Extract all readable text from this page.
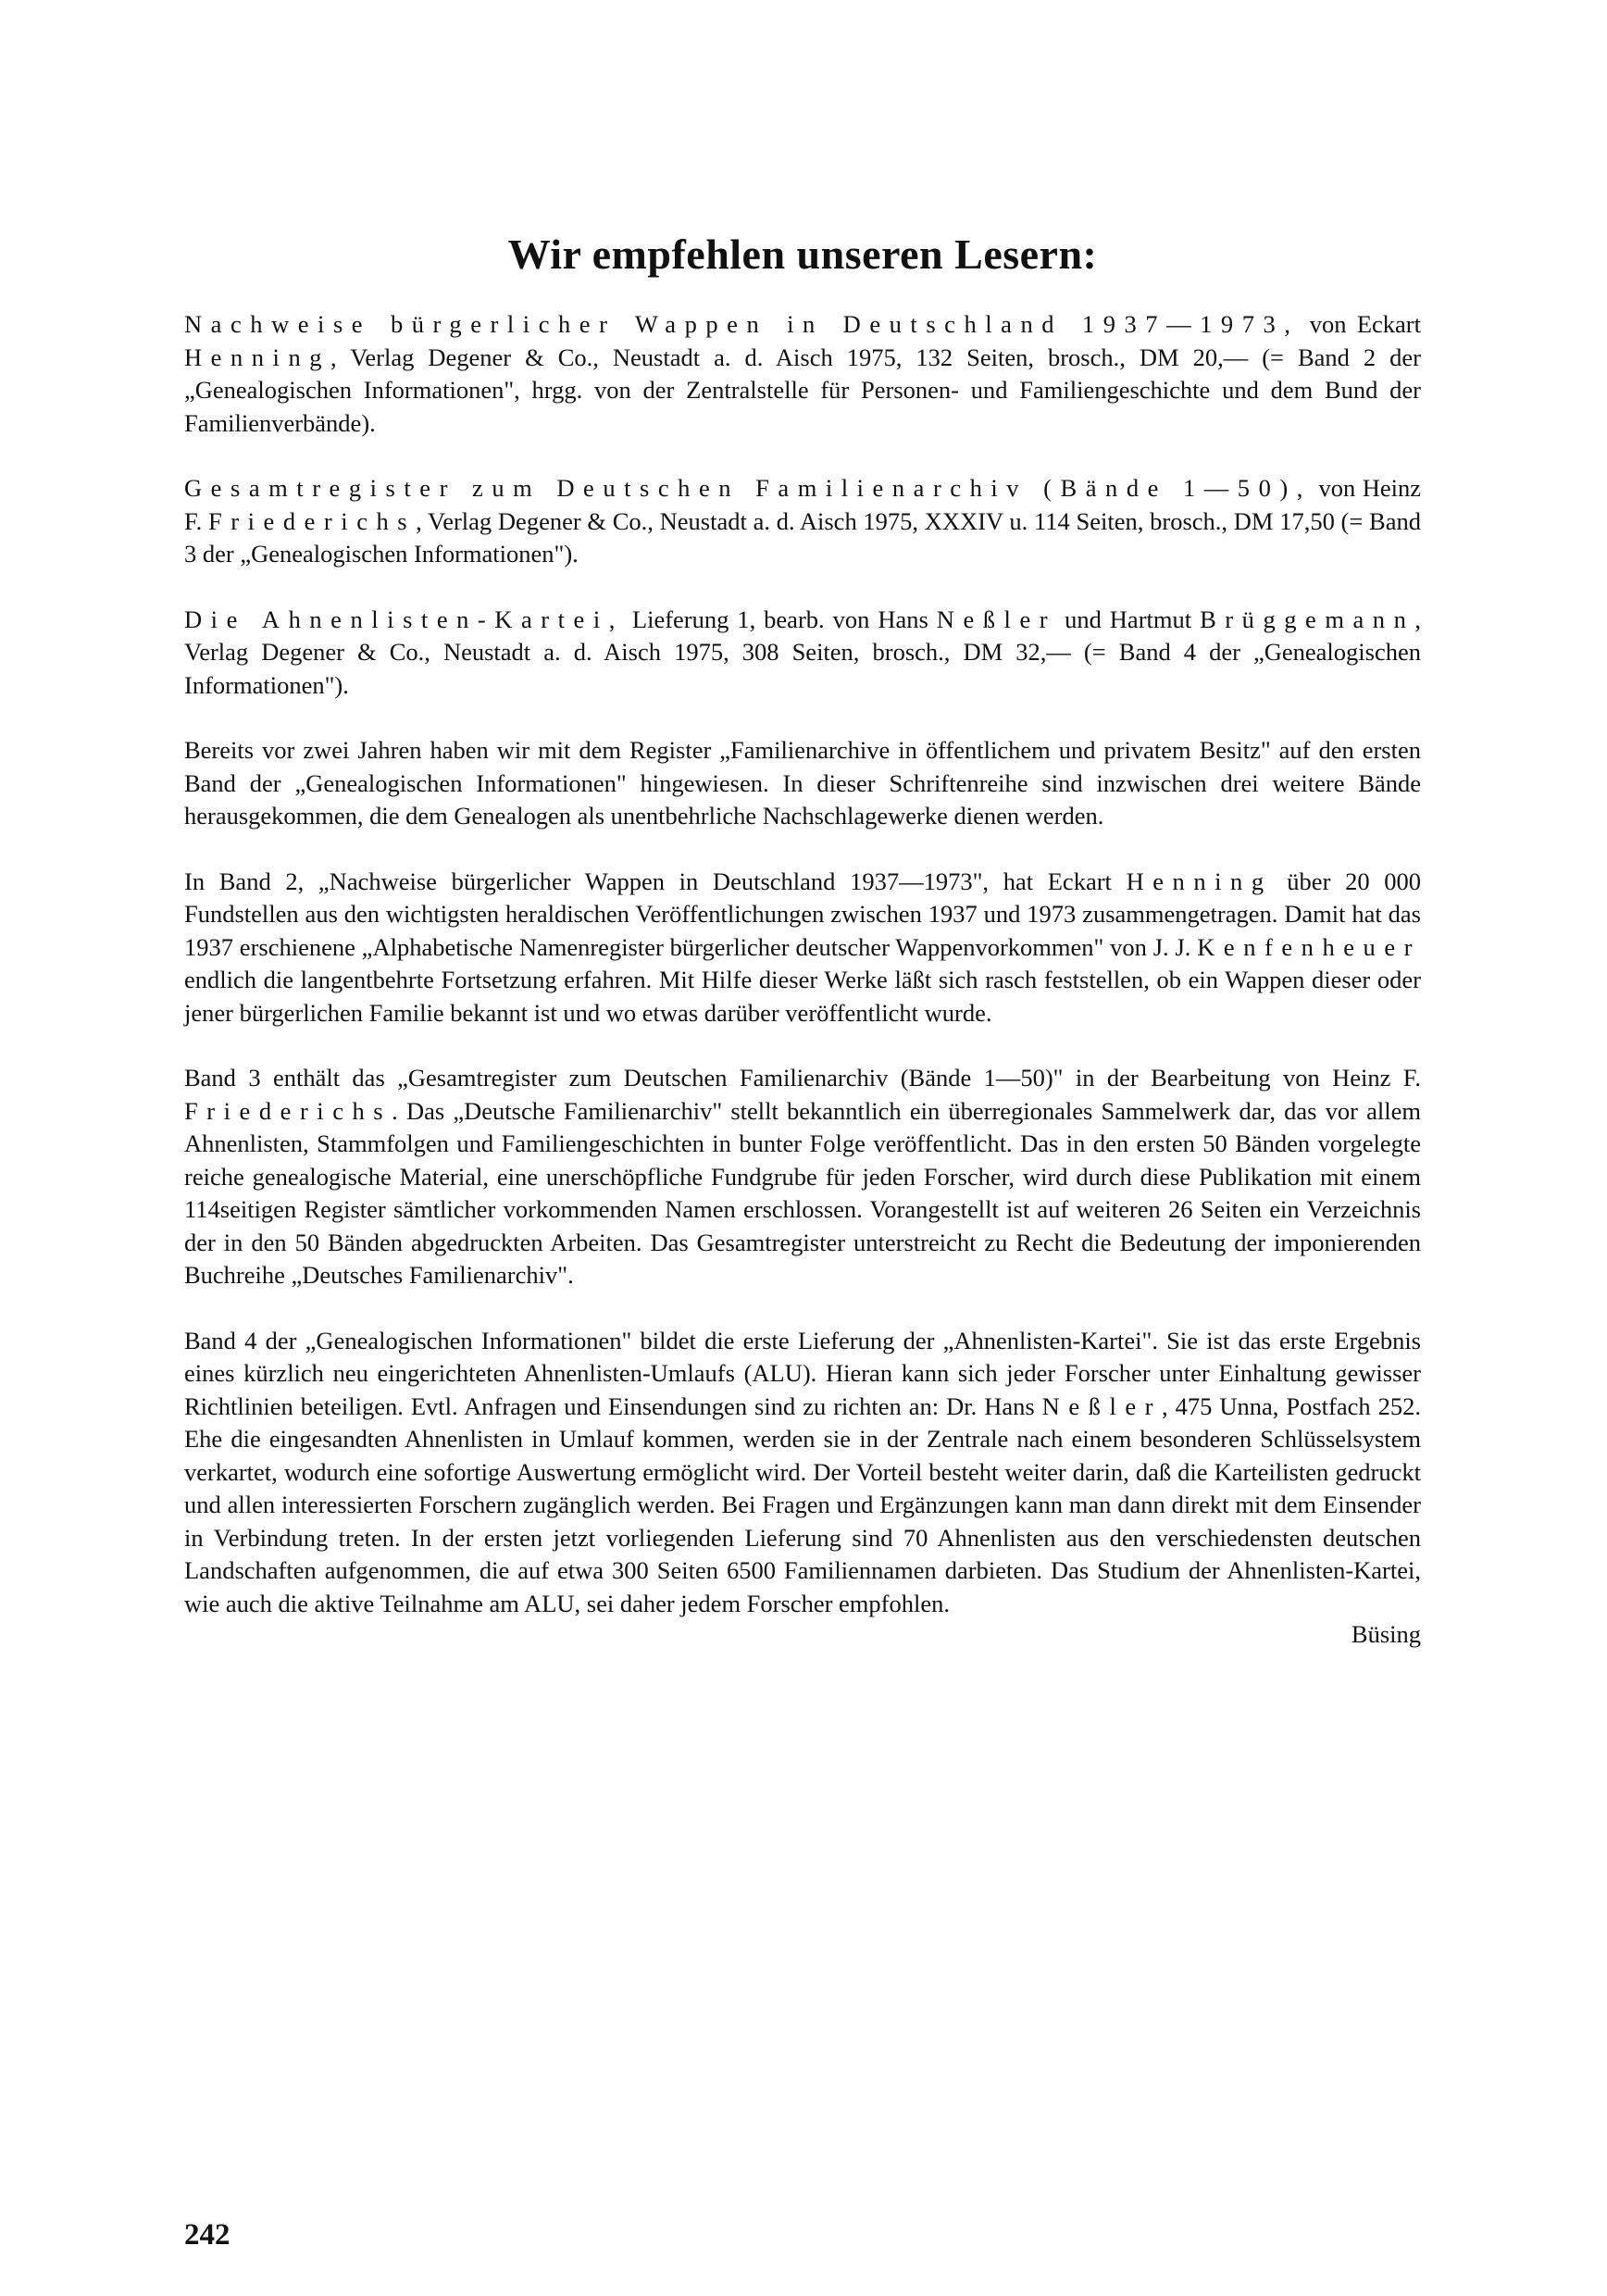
Wir empfehlen unseren Lesern:

Nachweise bürgerlicher Wappen in Deutschland 1937—1973, von Eckart Henning, Verlag Degener & Co., Neustadt a. d. Aisch 1975, 132 Seiten, brosch., DM 20,— (= Band 2 der „Genealogischen Informationen", hrgg. von der Zentralstelle für Personen- und Familiengeschichte und dem Bund der Familienverbände).

Gesamtregister zum Deutschen Familienarchiv (Bände 1—50), von Heinz F. Friederichs, Verlag Degener & Co., Neustadt a. d. Aisch 1975, XXXIV u. 114 Seiten, brosch., DM 17,50 (= Band 3 der „Genealogischen Informationen").

Die Ahnenlisten-Kartei, Lieferung 1, bearb. von Hans Neßler und Hartmut Brüggemann, Verlag Degener & Co., Neustadt a. d. Aisch 1975, 308 Seiten, brosch., DM 32,— (= Band 4 der „Genealogischen Informationen").

Bereits vor zwei Jahren haben wir mit dem Register „Familienarchive in öffentlichem und privatem Besitz" auf den ersten Band der „Genealogischen Informationen" hingewiesen. In dieser Schriftenreihe sind inzwischen drei weitere Bände herausgekommen, die dem Genealogen als unentbehrliche Nachschlagewerke dienen werden.

In Band 2, „Nachweise bürgerlicher Wappen in Deutschland 1937—1973", hat Eckart Henning über 20 000 Fundstellen aus den wichtigsten heraldischen Veröffentlichungen zwischen 1937 und 1973 zusammengetragen. Damit hat das 1937 erschienene „Alphabetische Namenregister bürgerlicher deutscher Wappenvorkommen" von J. J. Kenfenheuer endlich die langentbehrte Fortsetzung erfahren. Mit Hilfe dieser Werke läßt sich rasch feststellen, ob ein Wappen dieser oder jener bürgerlichen Familie bekannt ist und wo etwas darüber veröffentlicht wurde.

Band 3 enthält das „Gesamtregister zum Deutschen Familienarchiv (Bände 1—50)" in der Bearbeitung von Heinz F. Friederichs. Das „Deutsche Familienarchiv" stellt bekanntlich ein überregionales Sammelwerk dar, das vor allem Ahnenlisten, Stammfolgen und Familiengeschichten in bunter Folge veröffentlicht. Das in den ersten 50 Bänden vorgelegte reiche genealogische Material, eine unerschöpfliche Fundgrube für jeden Forscher, wird durch diese Publikation mit einem 114seitigen Register sämtlicher vorkommenden Namen erschlossen. Vorangestellt ist auf weiteren 26 Seiten ein Verzeichnis der in den 50 Bänden abgedruckten Arbeiten. Das Gesamtregister unterstreicht zu Recht die Bedeutung der imponierenden Buchreihe „Deutsches Familienarchiv".

Band 4 der „Genealogischen Informationen" bildet die erste Lieferung der „Ahnenlisten-Kartei". Sie ist das erste Ergebnis eines kürzlich neu eingerichteten Ahnenlisten-Umlaufs (ALU). Hieran kann sich jeder Forscher unter Einhaltung gewisser Richtlinien beteiligen. Evtl. Anfragen und Einsendungen sind zu richten an: Dr. Hans Neßler, 475 Unna, Postfach 252. Ehe die eingesandten Ahnenlisten in Umlauf kommen, werden sie in der Zentrale nach einem besonderen Schlüsselsystem verkartet, wodurch eine sofortige Auswertung ermöglicht wird. Der Vorteil besteht weiter darin, daß die Karteilisten gedruckt und allen interessierten Forschern zugänglich werden. Bei Fragen und Ergänzungen kann man dann direkt mit dem Einsender in Verbindung treten. In der ersten jetzt vorliegenden Lieferung sind 70 Ahnenlisten aus den verschiedensten deutschen Landschaften aufgenommen, die auf etwa 300 Seiten 6500 Familiennamen darbieten. Das Studium der Ahnenlisten-Kartei, wie auch die aktive Teilnahme am ALU, sei daher jedem Forscher empfohlen.
Büsing

242
